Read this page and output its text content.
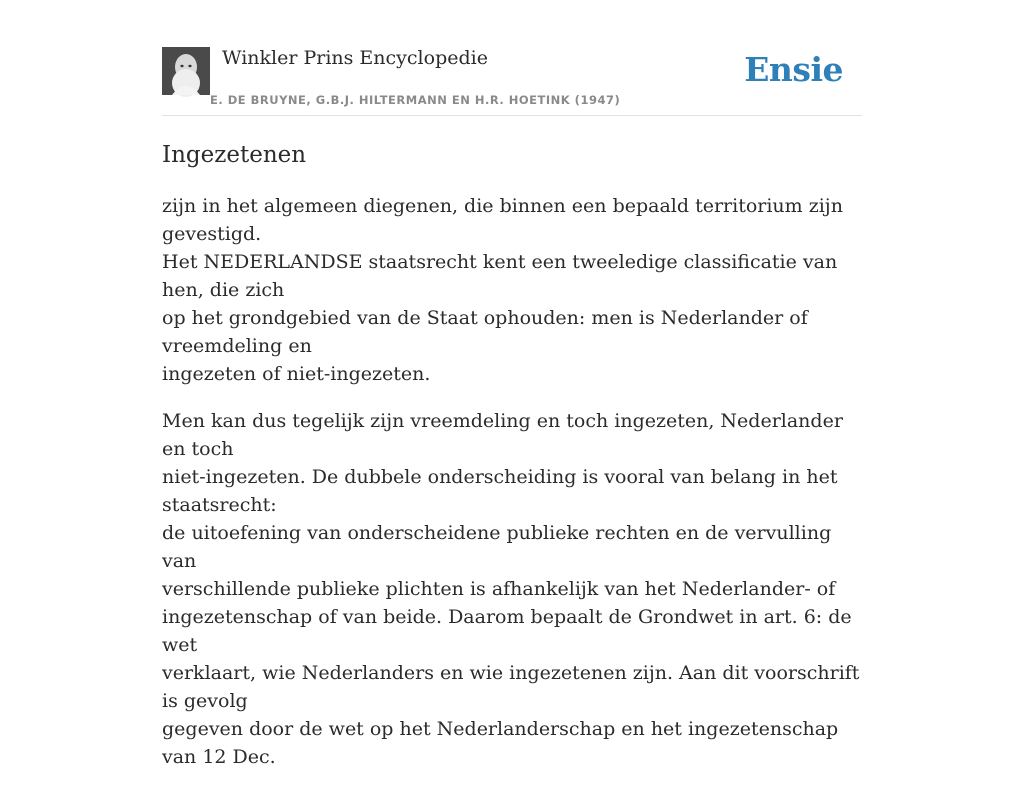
Winkler Prins Encyclopedie
E. DE BRUYNE, G.B.J. HILTERMANN EN H.R. HOETINK (1947)
Ensie
Ingezetenen

zijn in het algemeen diegenen, die binnen een bepaald territorium zijn gevestigd.
Het NEDERLANDSE staatsrecht kent een tweeledige classificatie van hen, die zich
op het grondgebied van de Staat ophouden: men is Nederlander of vreemdeling en
ingezeten of niet-ingezeten.

Men kan dus tegelijk zijn vreemdeling en toch ingezeten, Nederlander en toch
niet-ingezeten. De dubbele onderscheiding is vooral van belang in het staatsrecht:
de uitoefening van onderscheidene publieke rechten en de vervulling van
verschillende publieke plichten is afhankelijk van het Nederlander- of
ingezetenschap of van beide. Daarom bepaalt de Grondwet in art. 6: de wet
verklaart, wie Nederlanders en wie ingezetenen zijn. Aan dit voorschrift is gevolg
gegeven door de wet op het Nederlanderschap en het ingezetenschap van 12 Dec.
